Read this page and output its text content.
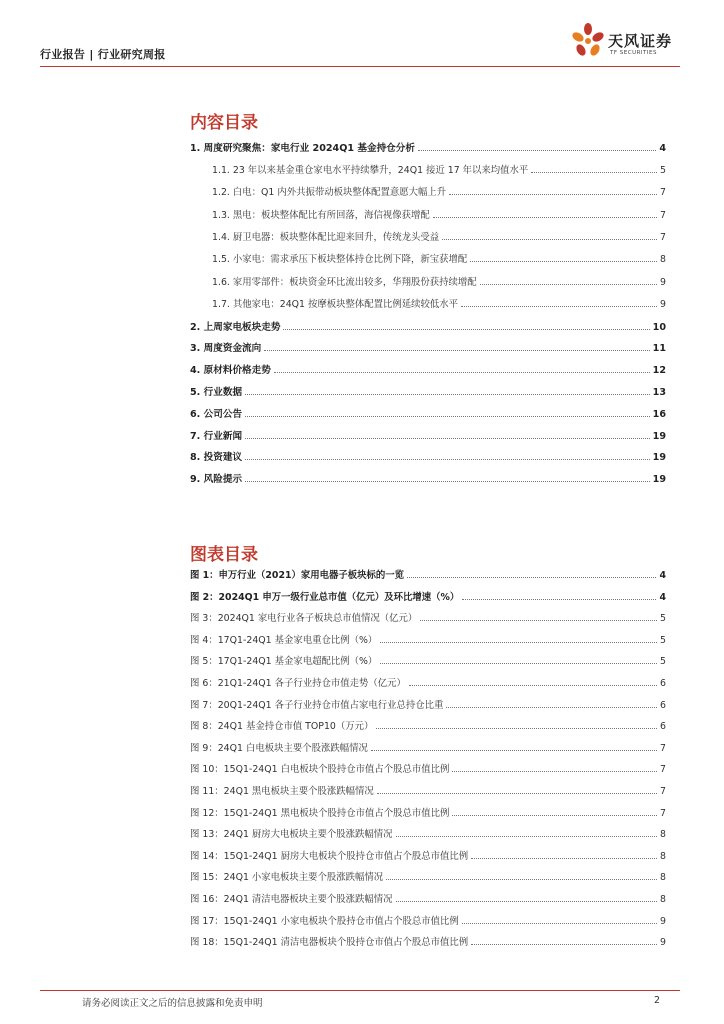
行业报告 | 行业研究周报
天风证券
TF SECURITIES
内容目录
1. 周度研究聚焦：家电行业 2024Q1 基金持仓分析	4
1.1. 23 年以来基金重仓家电水平持续攀升，24Q1 接近 17 年以来均值水平	5
1.2. 白电：Q1 内外共振带动板块整体配置意愿大幅上升	7
1.3. 黑电：板块整体配比有所回落，海信视像获增配	7
1.4. 厨卫电器：板块整体配比迎来回升，传统龙头受益	7
1.5. 小家电：需求承压下板块整体持仓比例下降，新宝获增配	8
1.6. 家用零部件：板块资金环比流出较多，华翔股份获持续增配	9
1.7. 其他家电：24Q1 按摩板块整体配置比例延续较低水平	9
2. 上周家电板块走势	10
3. 周度资金流向	11
4. 原材料价格走势	12
5. 行业数据	13
6. 公司公告	16
7. 行业新闻	19
8. 投资建议	19
9. 风险提示	19
图表目录
图 1：申万行业（2021）家用电器子板块标的一览	4
图 2：2024Q1 申万一级行业总市值（亿元）及环比增速（%）	4
图 3：2024Q1 家电行业各子板块总市值情况（亿元）	5
图 4：17Q1-24Q1 基金家电重仓比例（%）	5
图 5：17Q1-24Q1 基金家电超配比例（%）	5
图 6：21Q1-24Q1 各子行业持仓市值走势（亿元）	6
图 7：20Q1-24Q1 各子行业持仓市值占家电行业总持仓比重	6
图 8：24Q1 基金持仓市值 TOP10（万元）	6
图 9：24Q1 白电板块主要个股涨跌幅情况	7
图 10：15Q1-24Q1 白电板块个股持仓市值占个股总市值比例	7
图 11：24Q1 黑电板块主要个股涨跌幅情况	7
图 12：15Q1-24Q1 黑电板块个股持仓市值占个股总市值比例	7
图 13：24Q1 厨房大电板块主要个股涨跌幅情况	8
图 14：15Q1-24Q1 厨房大电板块个股持仓市值占个股总市值比例	8
图 15：24Q1 小家电板块主要个股涨跌幅情况	8
图 16：24Q1 清洁电器板块主要个股涨跌幅情况	8
图 17：15Q1-24Q1 小家电板块个股持仓市值占个股总市值比例	9
图 18：15Q1-24Q1 清洁电器板块个股持仓市值占个股总市值比例	9
请务必阅读正文之后的信息披露和免责申明	2
